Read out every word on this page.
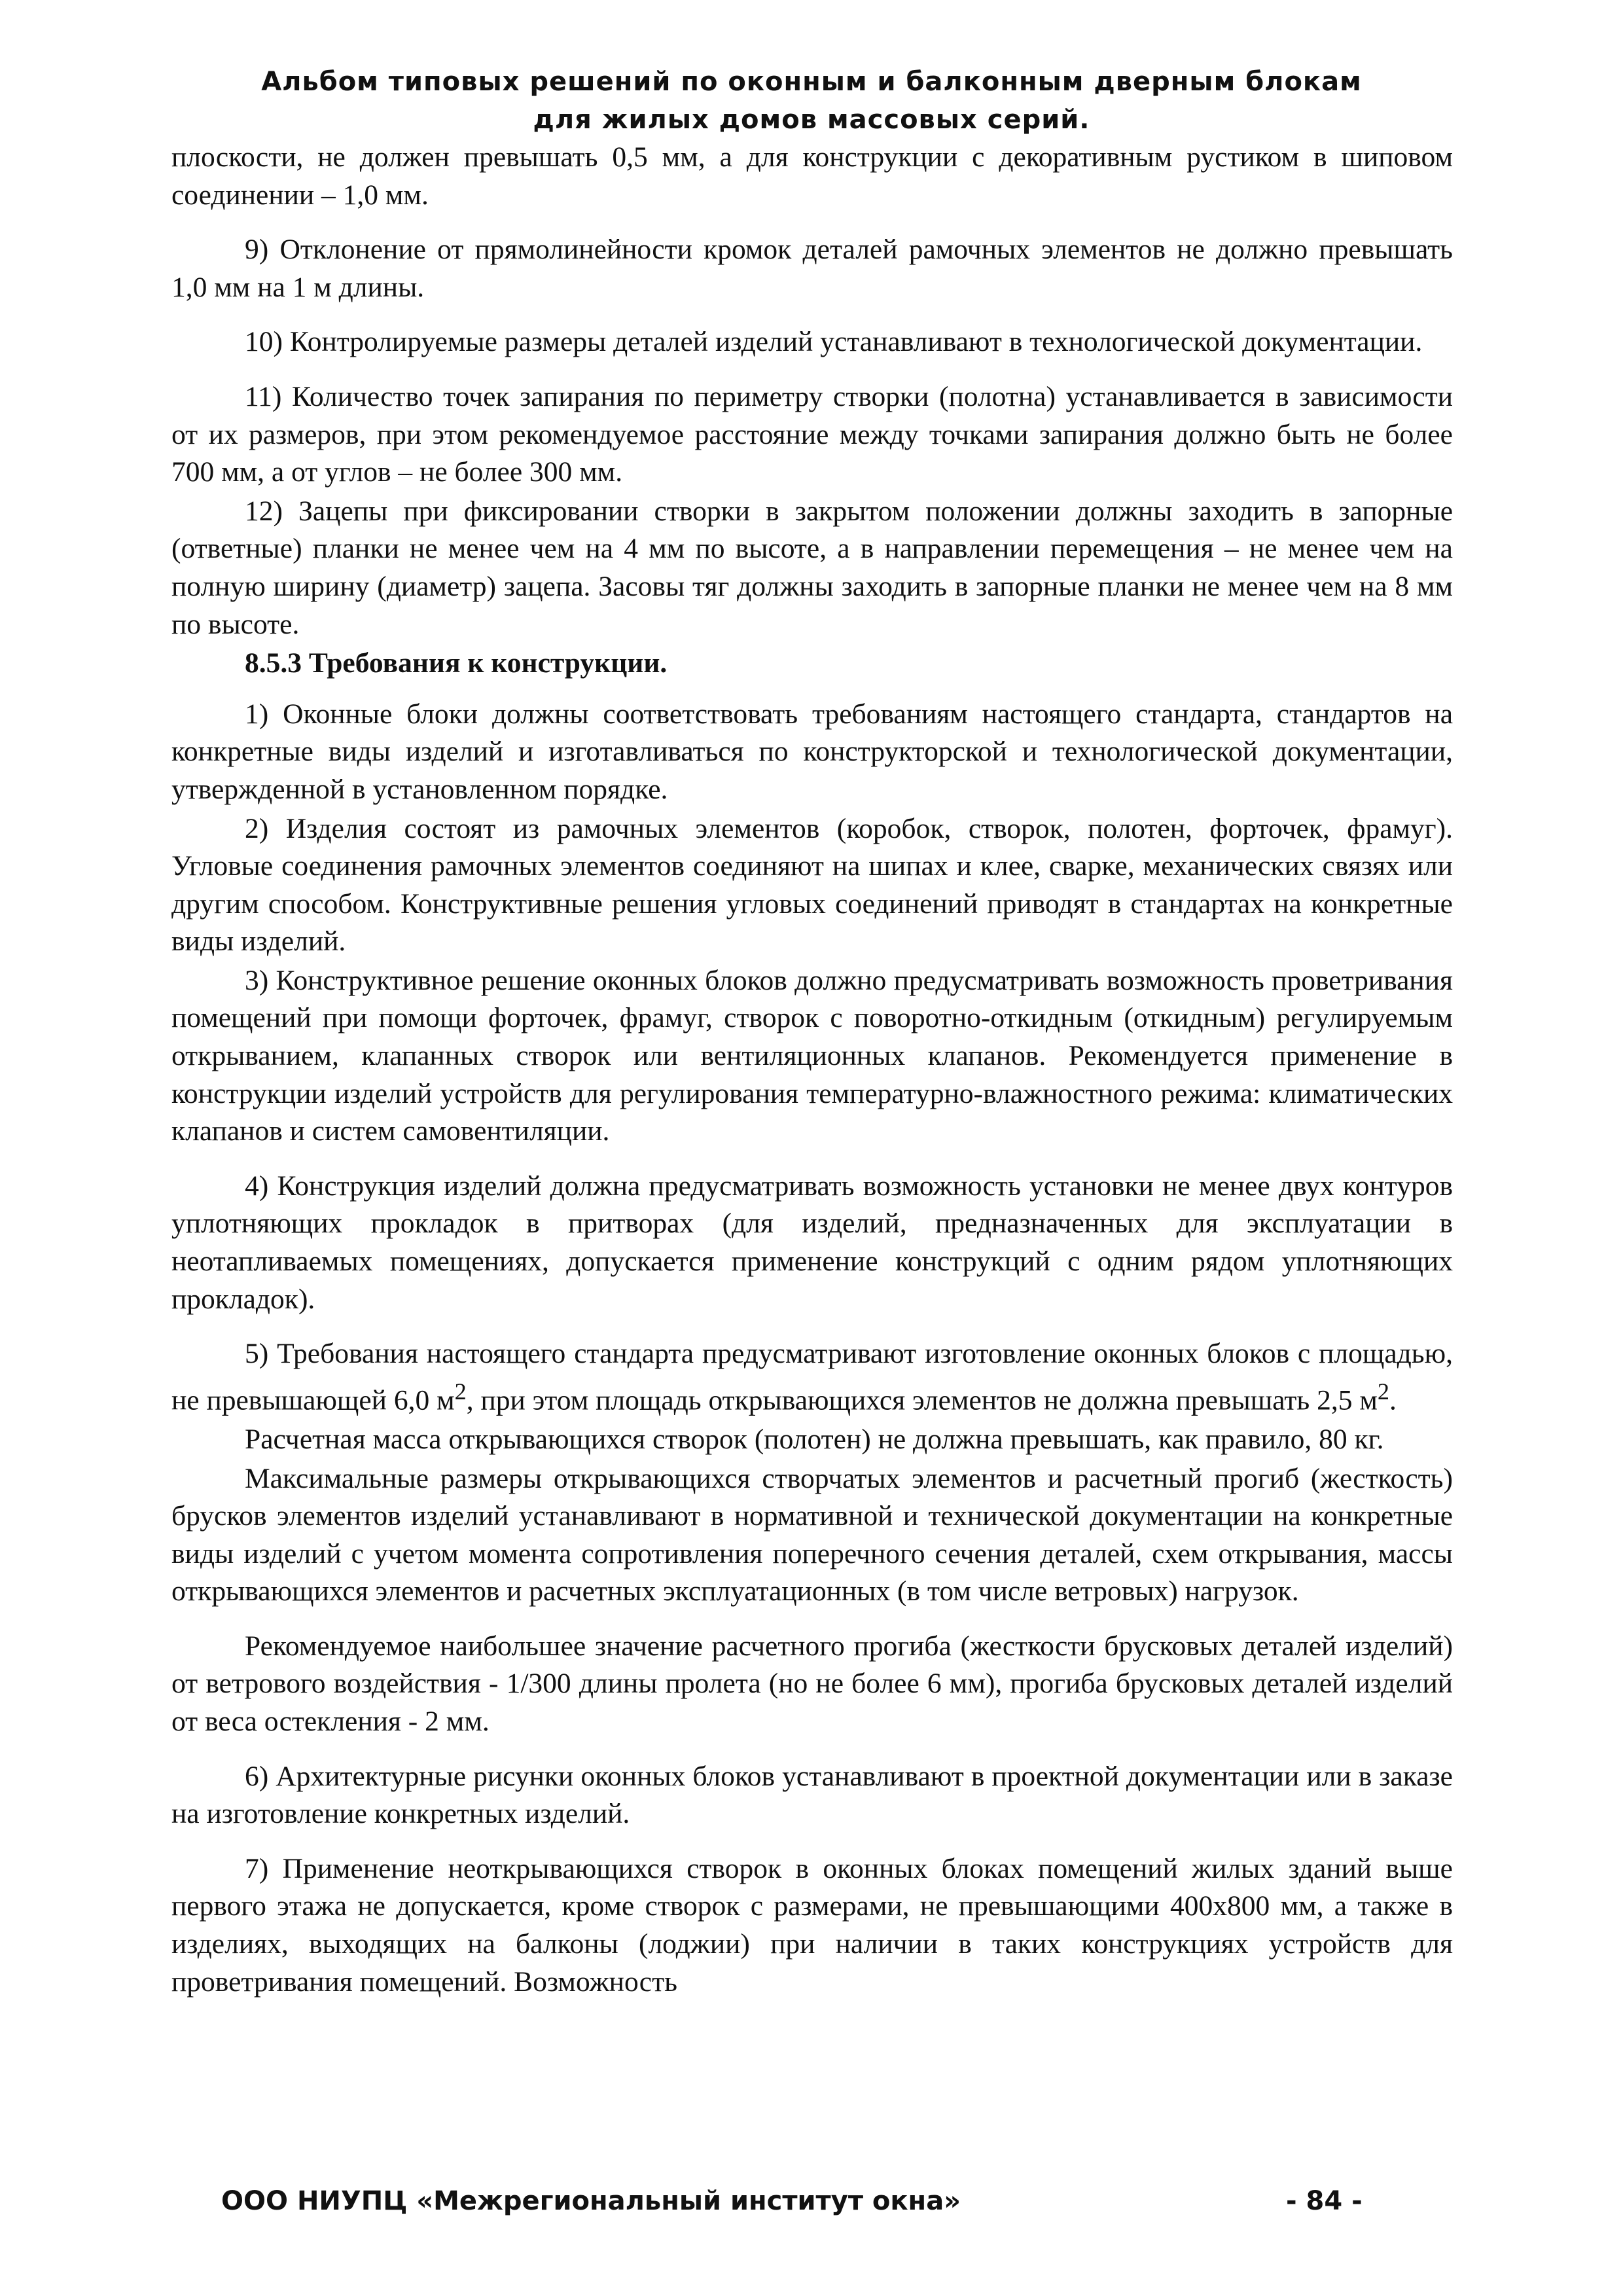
Альбом типовых решений по оконным и балконным дверным блокам
для жилых домов массовых серий.

плоскости, не должен превышать 0,5 мм, а для конструкции с декоративным рустиком в шиповом соединении – 1,0 мм.

9) Отклонение от прямолинейности кромок деталей рамочных элементов не должно превышать 1,0 мм на 1 м длины.

10) Контролируемые размеры деталей изделий устанавливают в технологической документации.

11) Количество точек запирания по периметру створки (полотна) устанавливается в зависимости от их размеров, при этом рекомендуемое расстояние между точками запирания должно быть не более 700 мм, а от углов – не более 300 мм.

12) Зацепы при фиксировании створки в закрытом положении должны заходить в запорные (ответные) планки не менее чем на 4 мм по высоте, а в направлении перемещения – не менее чем на полную ширину (диаметр) зацепа. Засовы тяг должны заходить в запорные планки не менее чем на 8 мм по высоте.

8.5.3 Требования к конструкции.

1) Оконные блоки должны соответствовать требованиям настоящего стандарта, стандартов на конкретные виды изделий и изготавливаться по конструкторской и технологической документации, утвержденной в установленном порядке.

2) Изделия состоят из рамочных элементов (коробок, створок, полотен, форточек, фрамуг). Угловые соединения рамочных элементов соединяют на шипах и клее, сварке, механических связях или другим способом. Конструктивные решения угловых соединений приводят в стандартах на конкретные виды изделий.

3) Конструктивное решение оконных блоков должно предусматривать возможность проветривания помещений при помощи форточек, фрамуг, створок с поворотно-откидным (откидным) регулируемым открыванием, клапанных створок или вентиляционных клапанов. Рекомендуется применение в конструкции изделий устройств для регулирования температурно-влажностного режима: климатических клапанов и систем самовентиляции.

4) Конструкция изделий должна предусматривать возможность установки не менее двух контуров уплотняющих прокладок в притворах (для изделий, предназначенных для эксплуатации в неотапливаемых помещениях, допускается применение конструкций с одним рядом уплотняющих прокладок).

5) Требования настоящего стандарта предусматривают изготовление оконных блоков с площадью, не превышающей 6,0 $м^2$, при этом площадь открывающихся элементов не должна превышать 2,5 $м^2$.

Расчетная масса открывающихся створок (полотен) не должна превышать, как правило, 80 кг.

Максимальные размеры открывающихся створчатых элементов и расчетный прогиб (жесткость) брусков элементов изделий устанавливают в нормативной и технической документации на конкретные виды изделий с учетом момента сопротивления поперечного сечения деталей, схем открывания, массы открывающихся элементов и расчетных эксплуатационных (в том числе ветровых) нагрузок.

Рекомендуемое наибольшее значение расчетного прогиба (жесткости брусковых деталей изделий) от ветрового воздействия - 1/300 длины пролета (но не более 6 мм), прогиба брусковых деталей изделий от веса остекления - 2 мм.

6) Архитектурные рисунки оконных блоков устанавливают в проектной документации или в заказе на изготовление конкретных изделий.

7) Применение неоткрывающихся створок в оконных блоках помещений жилых зданий выше первого этажа не допускается, кроме створок с размерами, не превышающими 400х800 мм, а также в изделиях, выходящих на балконы (лоджии) при наличии в таких конструкциях устройств для проветривания помещений. Возможность

ООО НИУПЦ «Межрегиональный институт окна»	- 84 -
